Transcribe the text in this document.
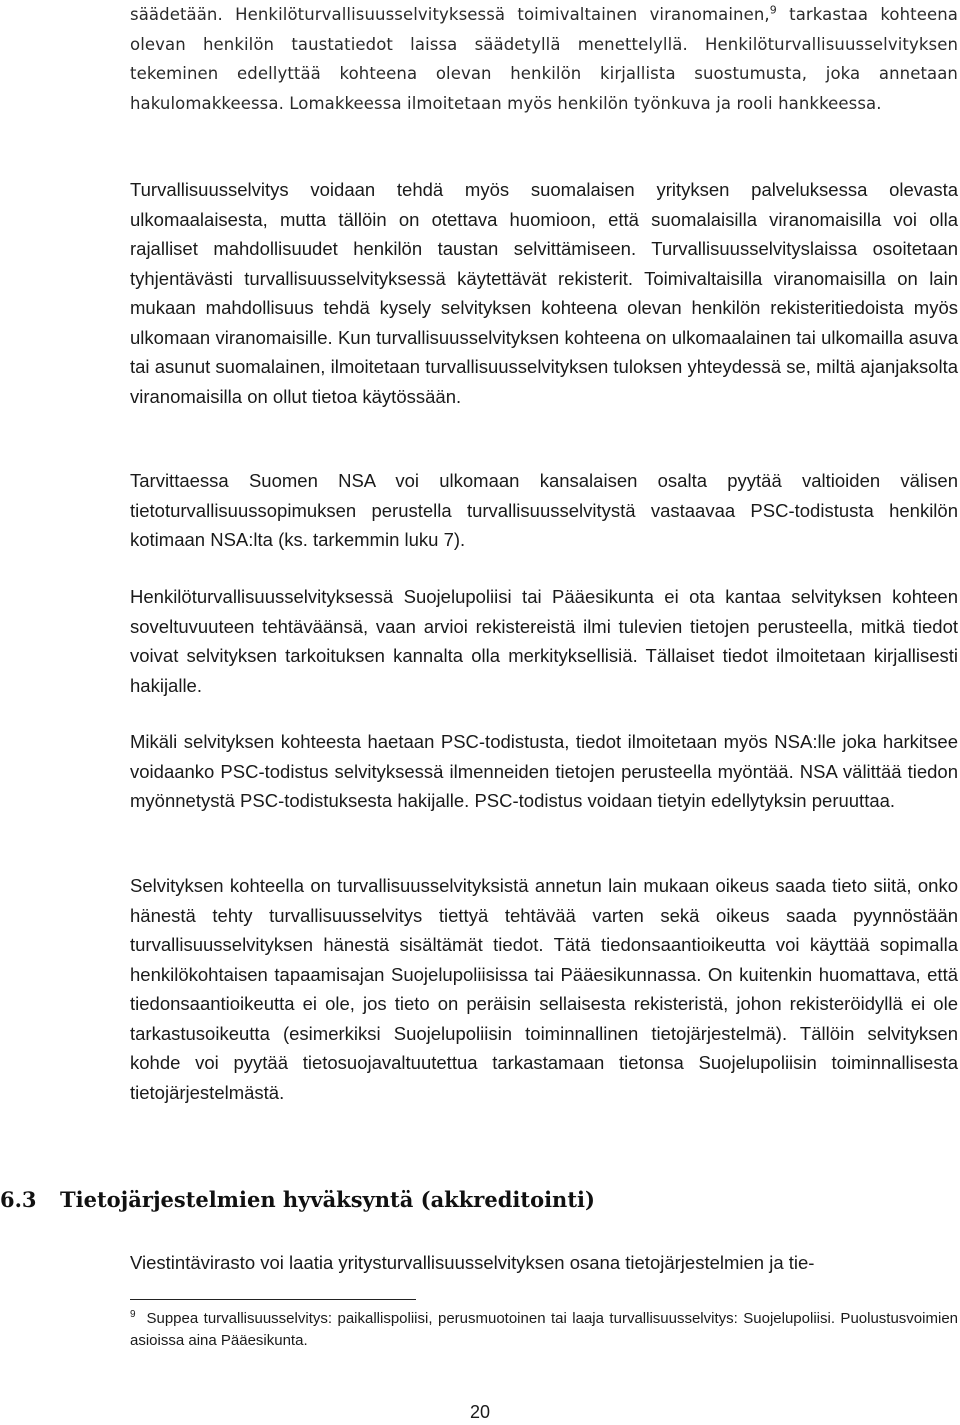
säädetään. Henkilöturvallisuusselvityksessä toimivaltainen viranomainen,$^9$ tarkastaa kohteena olevan henkilön taustatiedot laissa säädetyllä menettelyllä. Henkilöturvallisuusselvityksen tekeminen edellyttää kohteena olevan henkilön kirjallista suostumusta, joka annetaan hakulomakkeessa. Lomakkeessa ilmoitetaan myös henkilön työnkuva ja rooli hankkeessa.

Turvallisuusselvitys voidaan tehdä myös suomalaisen yrityksen palveluksessa olevasta ulkomaalaisesta, mutta tällöin on otettava huomioon, että suomalaisilla viranomaisilla voi olla rajalliset mahdollisuudet henkilön taustan selvittämiseen. Turvallisuusselvityslaissa osoitetaan tyhjentävästi turvallisuusselvityksessä käytettävät rekisterit. Toimivaltaisilla viranomaisilla on lain mukaan mahdollisuus tehdä kysely selvityksen kohteena olevan henkilön rekisteritiedoista myös ulkomaan viranomaisille. Kun turvallisuusselvityksen kohteena on ulkomaalainen tai ulkomailla asuva tai asunut suomalainen, ilmoitetaan turvallisuusselvityksen tuloksen yhteydessä se, miltä ajanjaksolta viranomaisilla on ollut tietoa käytössään.

Tarvittaessa Suomen NSA voi ulkomaan kansalaisen osalta pyytää valtioiden välisen tietoturvallisuussopimuksen perustella turvallisuusselvitystä vastaavaa PSC-todistusta henkilön kotimaan NSA:lta (ks. tarkemmin luku 7).

Henkilöturvallisuusselvityksessä Suojelupoliisi tai Pääesikunta ei ota kantaa selvityksen kohteen soveltuvuuteen tehtäväänsä, vaan arvioi rekistereistä ilmi tulevien tietojen perusteella, mitkä tiedot voivat selvityksen tarkoituksen kannalta olla merkityksellisiä. Tällaiset tiedot ilmoitetaan kirjallisesti hakijalle.

Mikäli selvityksen kohteesta haetaan PSC-todistusta, tiedot ilmoitetaan myös NSA:lle joka harkitsee voidaanko PSC-todistus selvityksessä ilmenneiden tietojen perusteella myöntää. NSA välittää tiedon myönnetystä PSC-todistuksesta hakijalle. PSC-todistus voidaan tietyin edellytyksin peruuttaa.

Selvityksen kohteella on turvallisuusselvityksistä annetun lain mukaan oikeus saada tieto siitä, onko hänestä tehty turvallisuusselvitys tiettyä tehtävää varten sekä oikeus saada pyynnöstään turvallisuusselvityksen hänestä sisältämät tiedot. Tätä tiedonsaantioikeutta voi käyttää sopimalla henkilökohtaisen tapaamisajan Suojelupoliisissa tai Pääesikunnassa. On kuitenkin huomattava, että tiedonsaantioikeutta ei ole, jos tieto on peräisin sellaisesta rekisteristä, johon rekisteröidyllä ei ole tarkastusoikeutta (esimerkiksi Suojelupoliisin toiminnallinen tietojärjestelmä). Tällöin selvityksen kohde voi pyytää tietosuojavaltuutettua tarkastamaan tietonsa Suojelupoliisin toiminnallisesta tietojärjestelmästä.

6.3 Tietojärjestelmien hyväksyntä (akkreditointi)

Viestintävirasto voi laatia yritysturvallisuusselvityksen osana tietojärjestelmien ja tie-

$^9$ Suppea turvallisuusselvitys: paikallispoliisi, perusmuotoinen tai laaja turvallisuusselvitys: Suojelupoliisi. Puolustusvoimien asioissa aina Pääesikunta.

20
